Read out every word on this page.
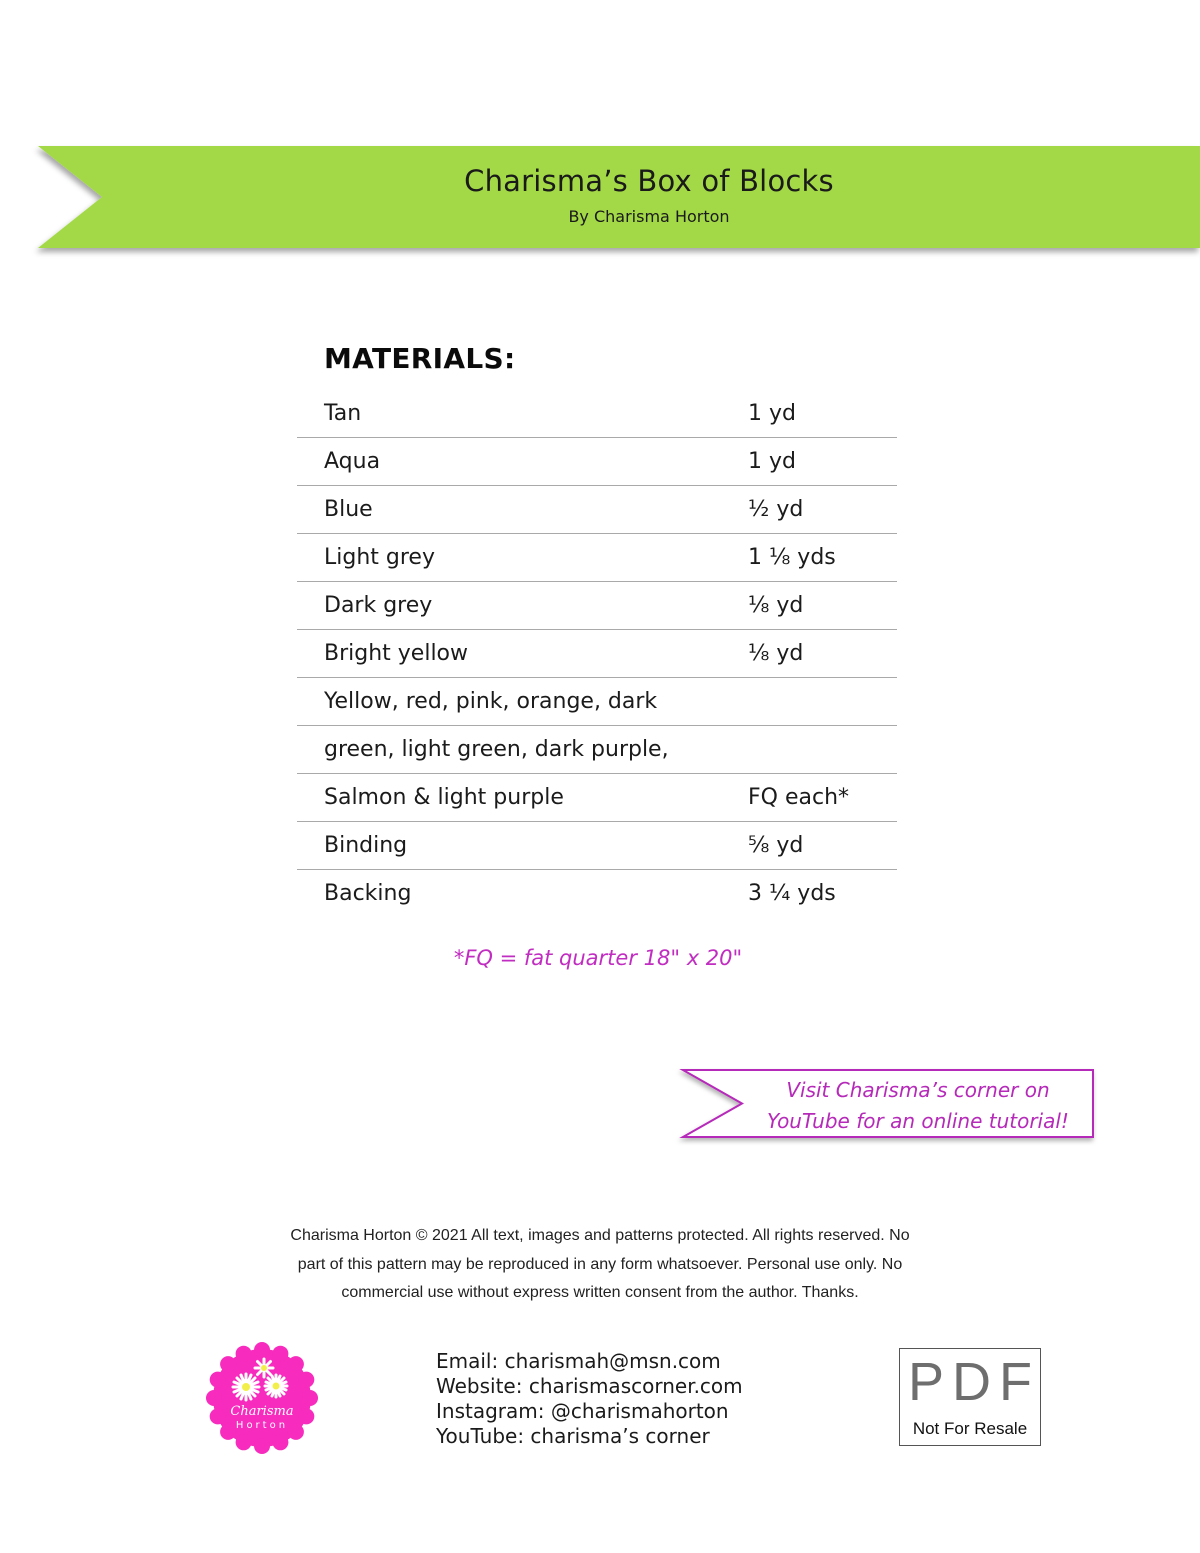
Charisma’s Box of Blocks
By Charisma Horton
MATERIALS:
Tan	1 yd
Aqua	1 yd
Blue	½ yd
Light grey	1 ⅛ yds
Dark grey	⅛ yd
Bright yellow	⅛ yd
Yellow, red, pink, orange, dark
green, light green, dark purple,
Salmon & light purple	FQ each*
Binding	⅝ yd
Backing	3 ¼ yds
*FQ = fat quarter 18" x 20"
Visit Charisma’s corner on
YouTube for an online tutorial!
Charisma Horton © 2021 All text, images and patterns protected. All rights reserved. No
part of this pattern may be reproduced in any form whatsoever. Personal use only. No
commercial use without express written consent from the author. Thanks.
Charisma
Horton
Email: charismah@msn.com
Website: charismascorner.com
Instagram: @charismahorton
YouTube: charisma’s corner
PDF
Not For Resale
